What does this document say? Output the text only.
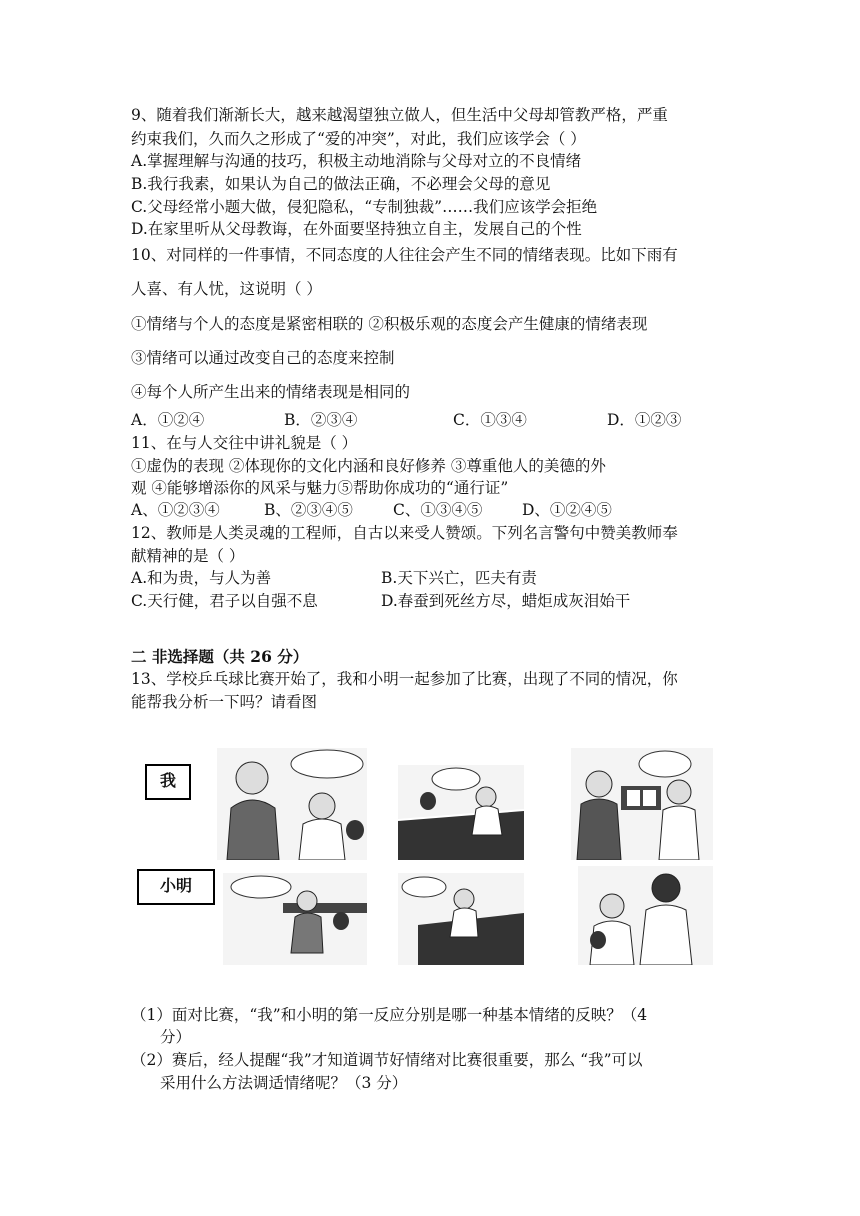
9、随着我们渐渐长大，越来越渴望独立做人，但生活中父母却管教严格，严重
约束我们，久而久之形成了“爱的冲突”，对此，我们应该学会（ ）
A.掌握理解与沟通的技巧，积极主动地消除与父母对立的不良情绪
B.我行我素，如果认为自己的做法正确，不必理会父母的意见
C.父母经常小题大做，侵犯隐私，“专制独裁”……我们应该学会拒绝
D.在家里听从父母教诲，在外面要坚持独立自主，发展自己的个性
10、对同样的一件事情，不同态度的人往往会产生不同的情绪表现。比如下雨有
人喜、有人忧，这说明（ ）
①情绪与个人的态度是紧密相联的 ②积极乐观的态度会产生健康的情绪表现
③情绪可以通过改变自己的态度来控制
④每个人所产生出来的情绪表现是相同的
A．①②④	B．②③④	C．①③④	D．①②③
11、在与人交往中讲礼貌是（ ）
①虚伪的表现 ②体现你的文化内涵和良好修养 ③尊重他人的美德的外
观 ④能够增添你的风采与魅力⑤帮助你成功的“通行证”
A、①②③④	B、②③④⑤	C、①③④⑤	D、①②④⑤
12、教师是人类灵魂的工程师，自古以来受人赞颂。下列名言警句中赞美教师奉
献精神的是（ ）
A.和为贵，与人为善	B.天下兴亡，匹夫有责
C.天行健，君子以自强不息	D.春蚕到死丝方尽，蜡炬成灰泪始干
二 非选择题（共 26 分）
13、学校乒乓球比赛开始了，我和小明一起参加了比赛，出现了不同的情况，你
能帮我分析一下吗？请看图
我
小明
（1）面对比赛，“我”和小明的第一反应分别是哪一种基本情绪的反映？（4
分）
（2）赛后，经人提醒“我”才知道调节好情绪对比赛很重要，那么 “我”可以
采用什么方法调适情绪呢？（3 分）
